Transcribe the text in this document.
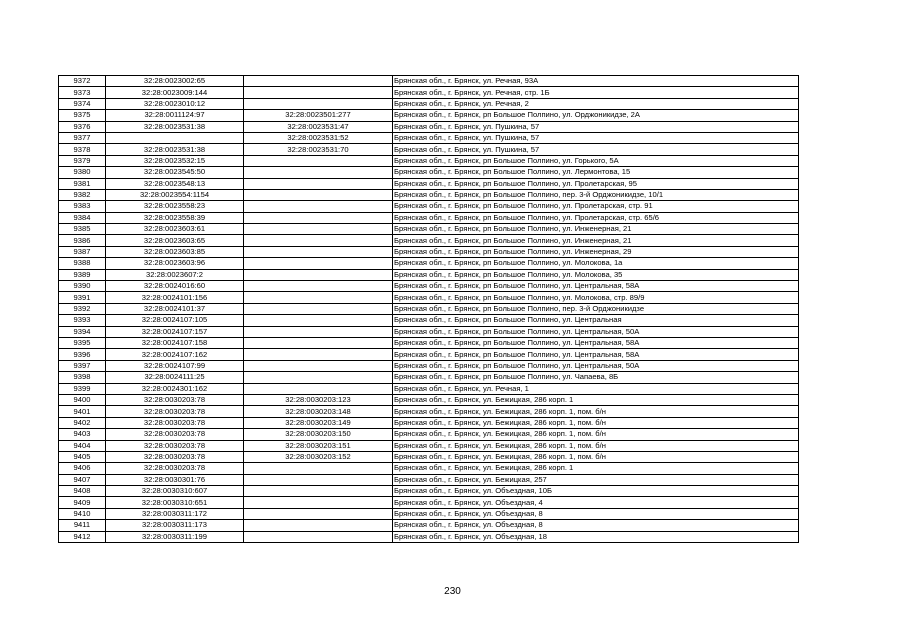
9372	32:28:0023002:65		Брянская обл., г. Брянск, ул. Речная, 93А
9373	32:28:0023009:144		Брянская обл., г. Брянск, ул. Речная, стр. 1Б
9374	32:28:0023010:12		Брянская обл., г. Брянск, ул. Речная, 2
9375	32:28:0011124:97	32:28:0023501:277	Брянская обл., г. Брянск, рп Большое Полпино, ул. Орджоникидзе, 2А
9376	32:28:0023531:38	32:28:0023531:47	Брянская обл., г. Брянск, ул. Пушкина, 57
9377		32:28:0023531:52	Брянская обл., г. Брянск, ул. Пушкина, 57
9378	32:28:0023531:38	32:28:0023531:70	Брянская обл., г. Брянск, ул. Пушкина, 57
9379	32:28:0023532:15		Брянская обл., г. Брянск, рп Большое Полпино, ул. Горького, 5А
9380	32:28:0023545:50		Брянская обл., г. Брянск, рп Большое Полпино, ул. Лермонтова, 15
9381	32:28:0023548:13		Брянская обл., г. Брянск, рп Большое Полпино, ул. Пролетарская, 95
9382	32:28:0023554:1154		Брянская обл., г. Брянск, рп Большое Полпино, пер. 3-й Орджоникидзе, 10/1
9383	32:28:0023558:23		Брянская обл., г. Брянск, рп Большое Полпино, ул. Пролетарская, стр. 91
9384	32:28:0023558:39		Брянская обл., г. Брянск, рп Большое Полпино, ул. Пролетарская, стр. 65/6
9385	32:28:0023603:61		Брянская обл., г. Брянск, рп Большое Полпино, ул. Инженерная, 21
9386	32:28:0023603:65		Брянская обл., г. Брянск, рп Большое Полпино, ул. Инженерная, 21
9387	32:28:0023603:85		Брянская обл., г. Брянск, рп Большое Полпино, ул. Инженерная, 29
9388	32:28:0023603:96		Брянская обл., г. Брянск, рп Большое Полпино, ул. Молокова, 1а
9389	32:28:0023607:2		Брянская обл., г. Брянск, рп Большое Полпино, ул. Молокова, 35
9390	32:28:0024016:60		Брянская обл., г. Брянск, рп Большое Полпино, ул. Центральная, 58А
9391	32:28:0024101:156		Брянская обл., г. Брянск, рп Большое Полпино, ул. Молокова, стр. 89/9
9392	32:28:0024101:37		Брянская обл., г. Брянск, рп Большое Полпино, пер. 3-й Орджоникидзе
9393	32:28:0024107:105		Брянская обл., г. Брянск, рп Большое Полпино, ул. Центральная
9394	32:28:0024107:157		Брянская обл., г. Брянск, рп Большое Полпино, ул. Центральная, 50А
9395	32:28:0024107:158		Брянская обл., г. Брянск, рп Большое Полпино, ул. Центральная, 58А
9396	32:28:0024107:162		Брянская обл., г. Брянск, рп Большое Полпино, ул. Центральная, 58А
9397	32:28:0024107:99		Брянская обл., г. Брянск, рп Большое Полпино, ул. Центральная, 50А
9398	32:28:0024111:25		Брянская обл., г. Брянск, рп Большое Полпино, ул. Чапаева, 8Б
9399	32:28:0024301:162		Брянская обл., г. Брянск, ул. Речная, 1
9400	32:28:0030203:78	32:28:0030203:123	Брянская обл., г. Брянск, ул. Бежицкая, 286 корп. 1
9401	32:28:0030203:78	32:28:0030203:148	Брянская обл., г. Брянск, ул. Бежицкая, 286 корп. 1, пом. б/н
9402	32:28:0030203:78	32:28:0030203:149	Брянская обл., г. Брянск, ул. Бежицкая, 286 корп. 1, пом. б/н
9403	32:28:0030203:78	32:28:0030203:150	Брянская обл., г. Брянск, ул. Бежицкая, 286 корп. 1, пом. б/н
9404	32:28:0030203:78	32:28:0030203:151	Брянская обл., г. Брянск, ул. Бежицкая, 286 корп. 1, пом. б/н
9405	32:28:0030203:78	32:28:0030203:152	Брянская обл., г. Брянск, ул. Бежицкая, 286 корп. 1, пом. б/н
9406	32:28:0030203:78		Брянская обл., г. Брянск, ул. Бежицкая, 286 корп. 1
9407	32:28:0030301:76		Брянская обл., г. Брянск, ул. Бежицкая, 257
9408	32:28:0030310:607		Брянская обл., г. Брянск, ул. Объездная, 10Б
9409	32:28:0030310:651		Брянская обл., г. Брянск, ул. Объездная, 4
9410	32:28:0030311:172		Брянская обл., г. Брянск, ул. Объездная, 8
9411	32:28:0030311:173		Брянская обл., г. Брянск, ул. Объездная, 8
9412	32:28:0030311:199		Брянская обл., г. Брянск, ул. Объездная, 18
230
